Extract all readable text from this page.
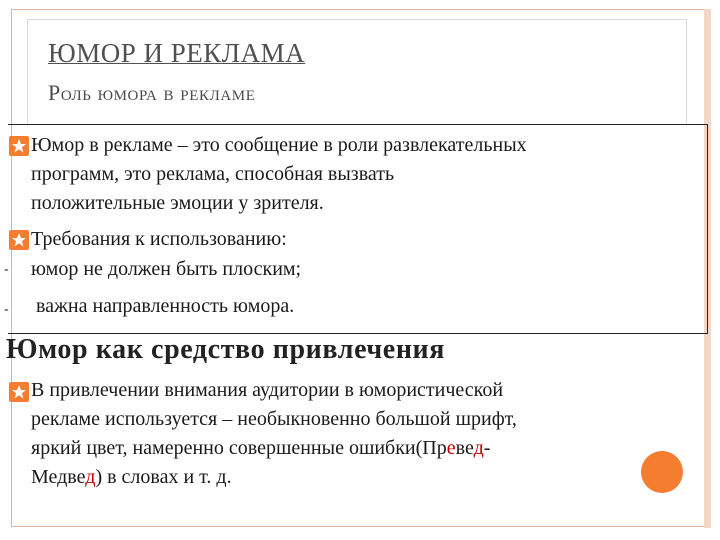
ЮМОР И РЕКЛАМА
Роль юмора в рекламе
Юмор в рекламе – это сообщение в роли развлекательных
программ, это реклама, способная вызвать
положительные эмоции у зрителя.
Требования к использованию:
- юмор не должен быть плоским;
- важна направленность юмора.
Юмор как средство привлечения
В привлечении внимания аудитории в юмористической
рекламе используется – необыкновенно большой шрифт,
яркий цвет, намеренно совершенные ошибки(Превед-
Медвед) в словах и т. д.
